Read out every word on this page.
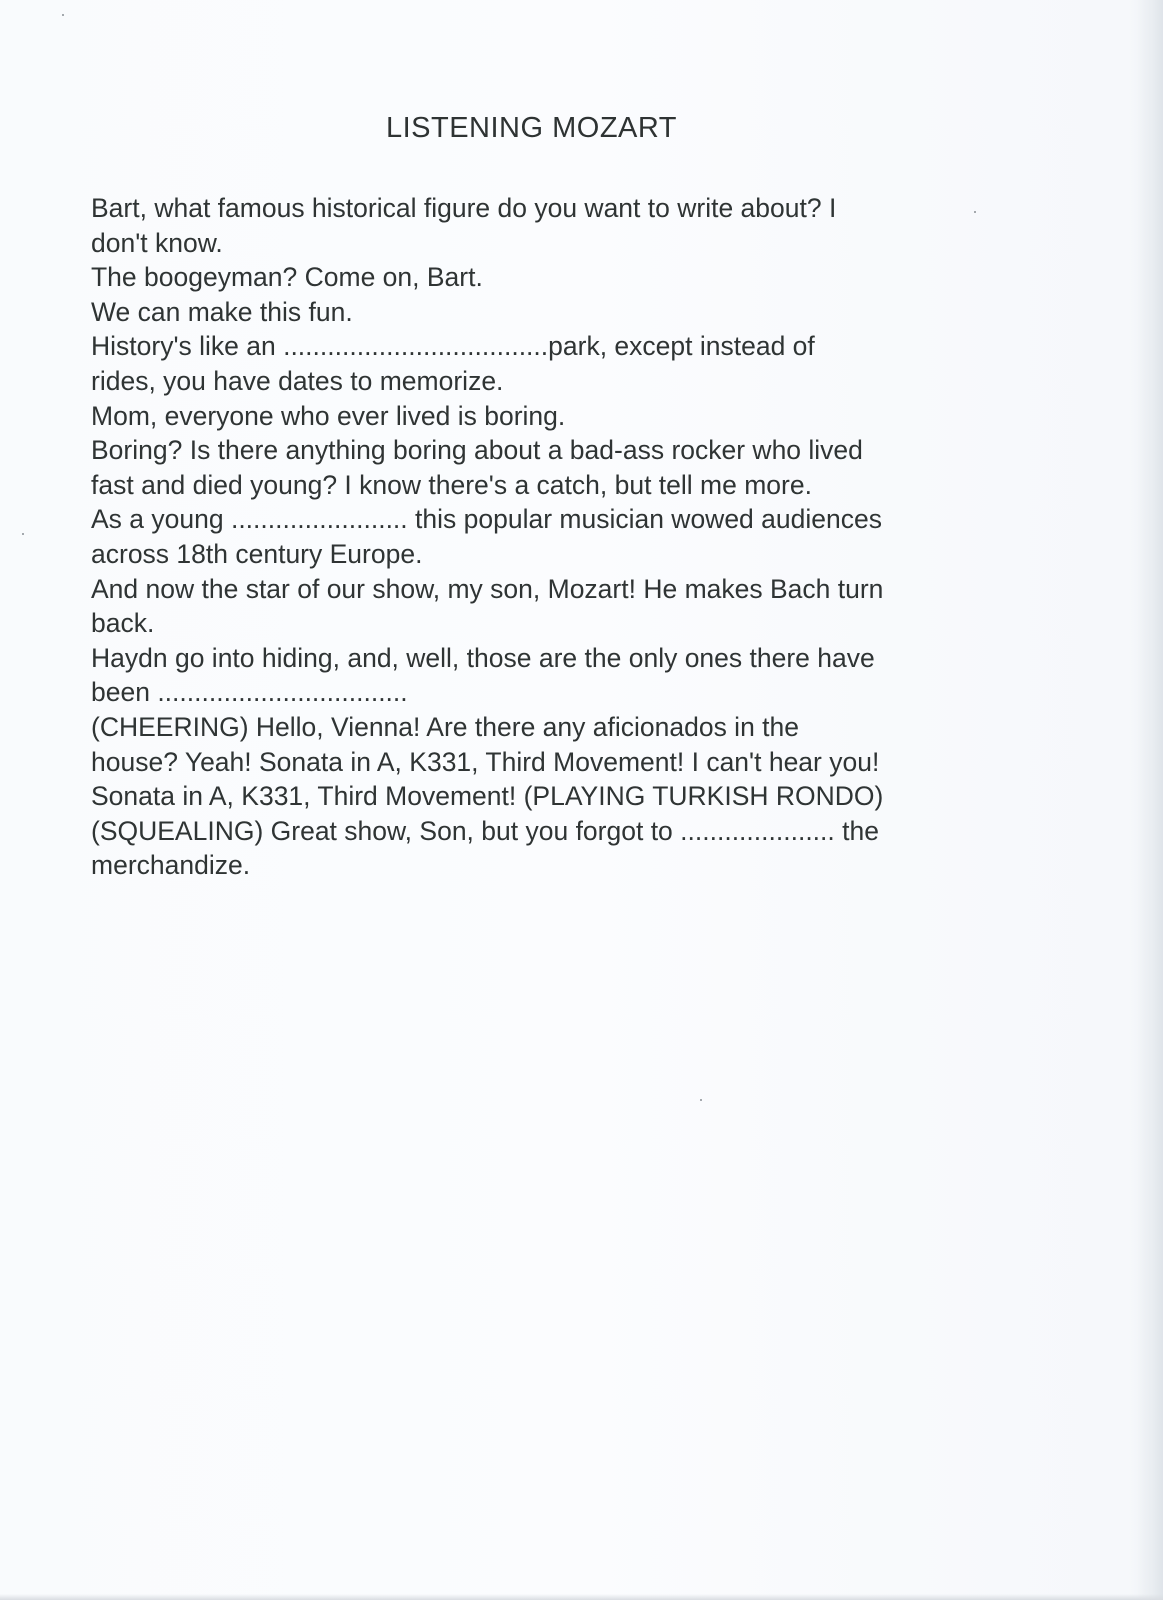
LISTENING MOZART
Bart, what famous historical figure do you want to write about? I
don't know.
The boogeyman? Come on, Bart.
We can make this fun.
History's like an ....................................park, except instead of
rides, you have dates to memorize.
Mom, everyone who ever lived is boring.
Boring? Is there anything boring about a bad-ass rocker who lived
fast and died young? I know there's a catch, but tell me more.
As a young ........................ this popular musician wowed audiences
across 18th century Europe.
And now the star of our show, my son, Mozart! He makes Bach turn
back.
Haydn go into hiding, and, well, those are the only ones there have
been ..................................
(CHEERING) Hello, Vienna! Are there any aficionados in the
house? Yeah! Sonata in A, K331, Third Movement! I can't hear you!
Sonata in A, K331, Third Movement! (PLAYING TURKISH RONDO)
(SQUEALING) Great show, Son, but you forgot to ..................... the
merchandize.
